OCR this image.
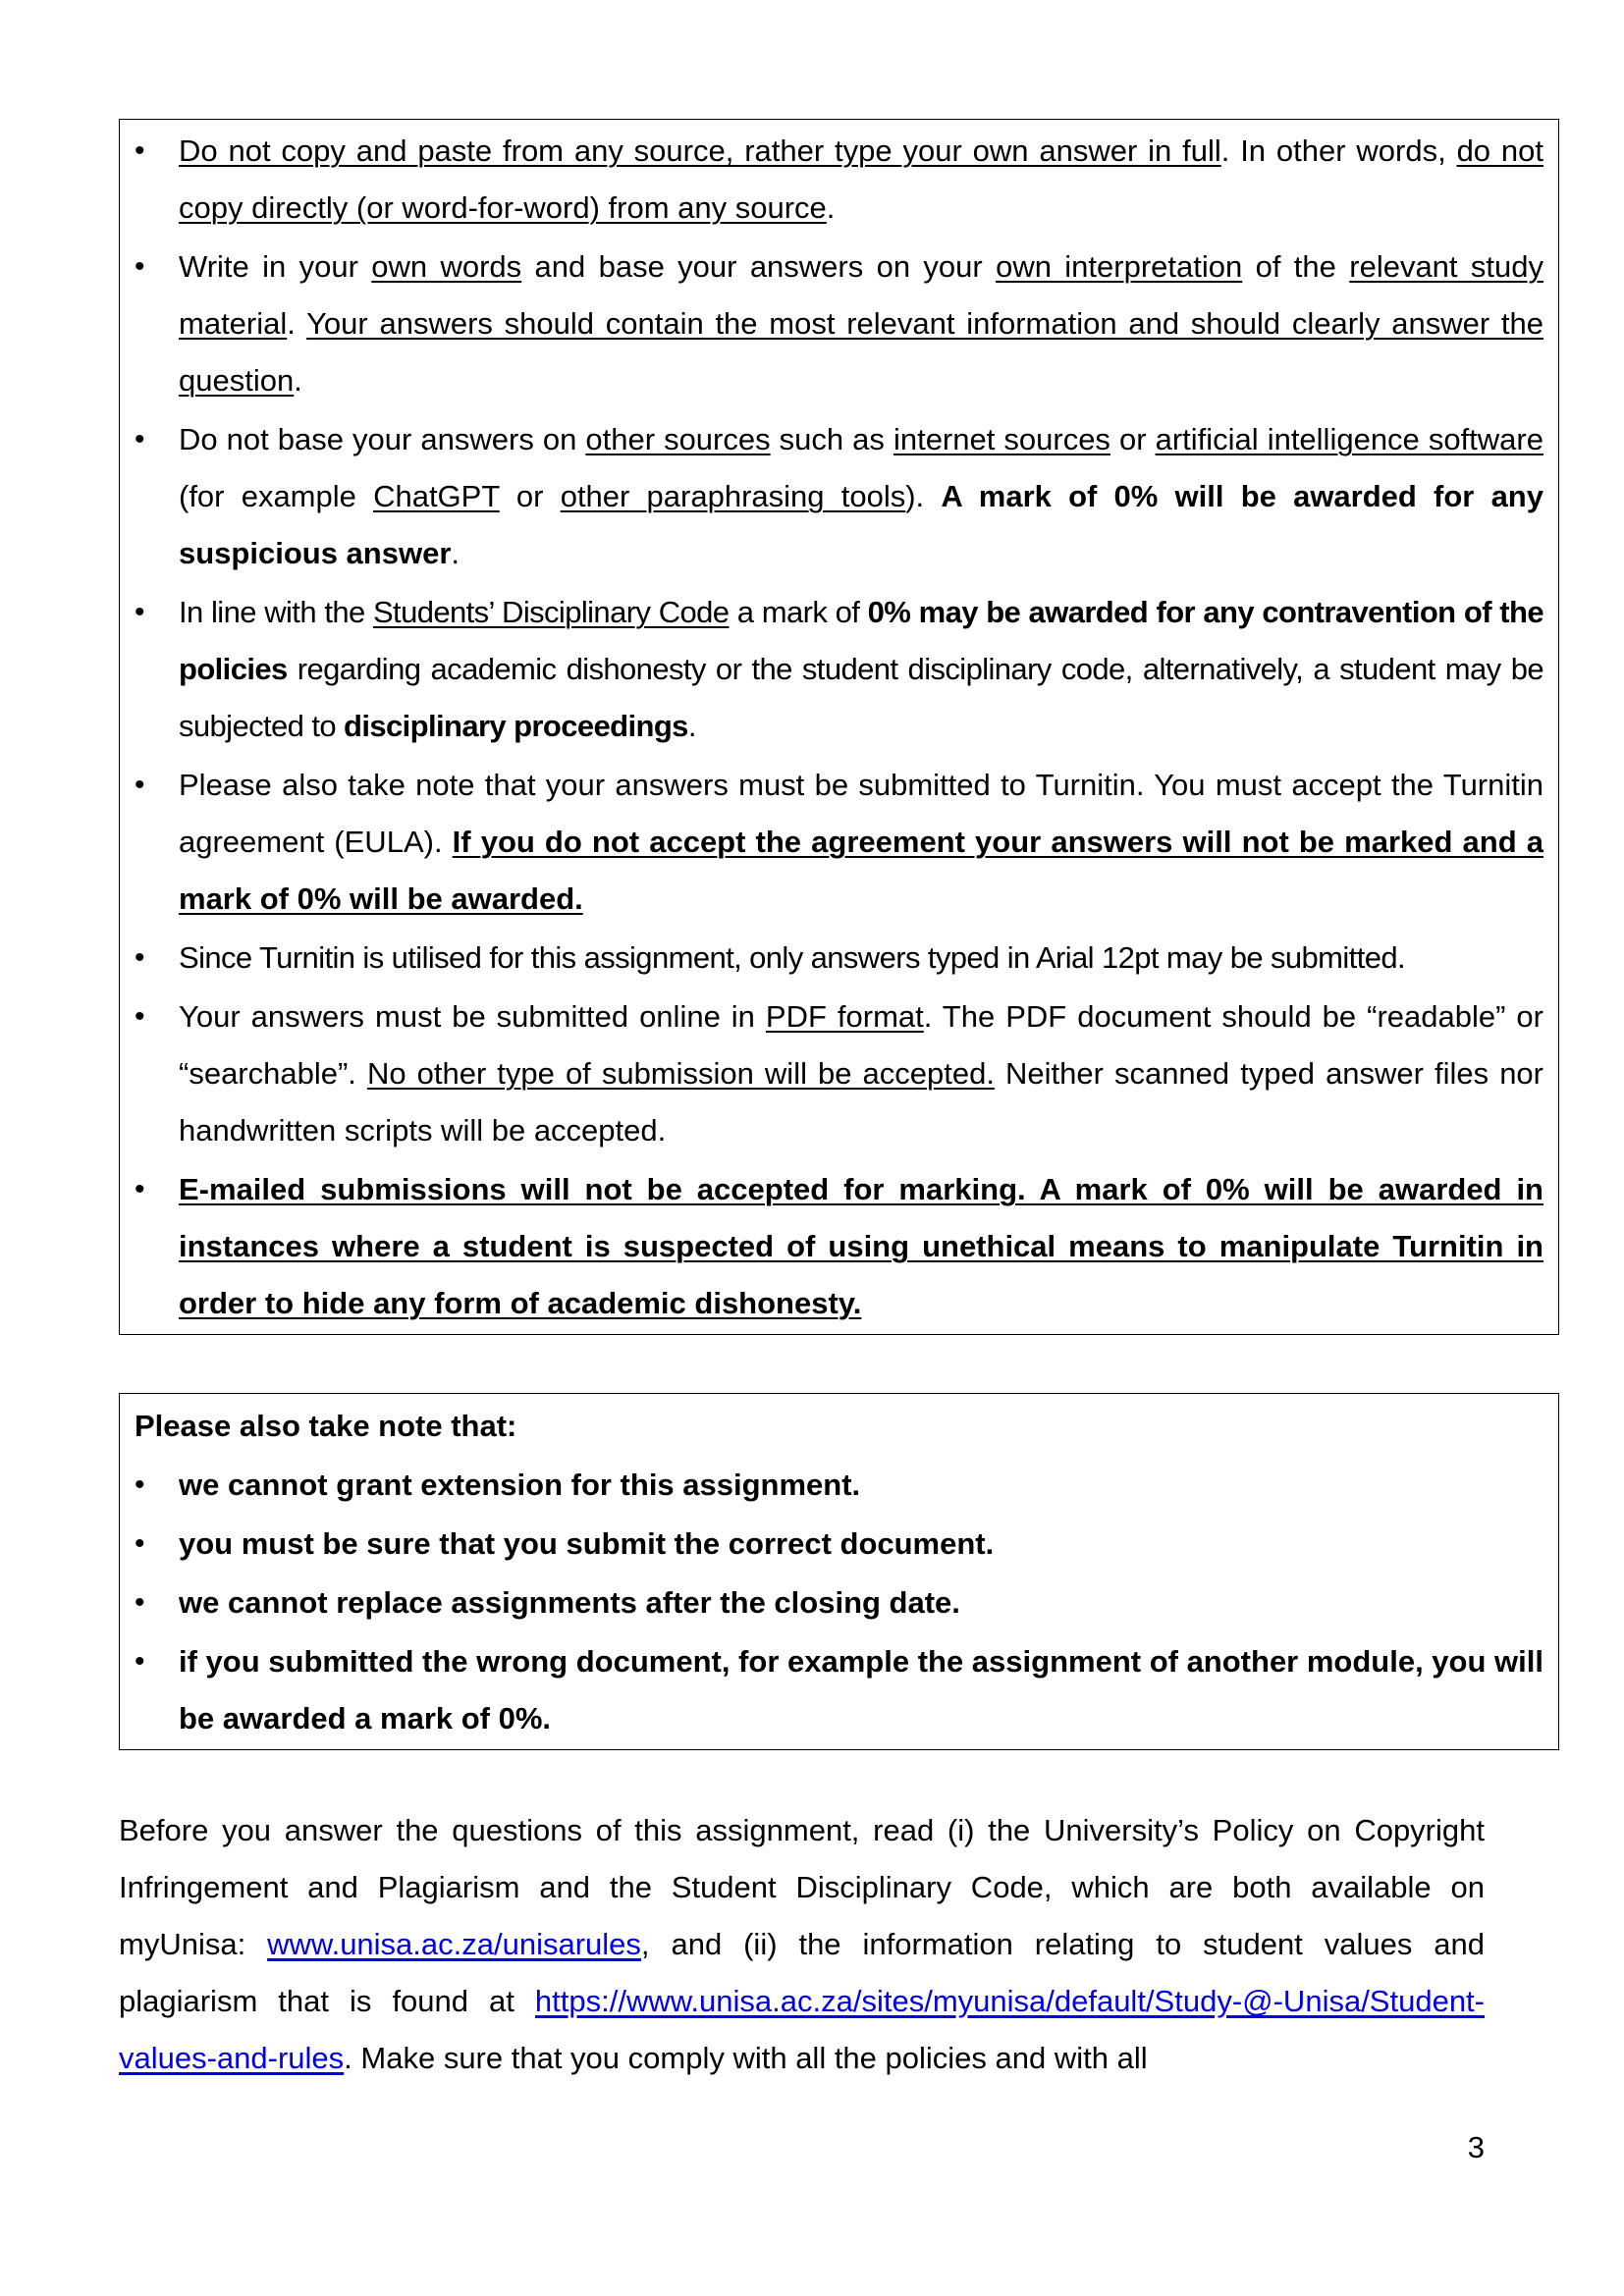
• Do not copy and paste from any source, rather type your own answer in full. In other words, do not copy directly (or word-for-word) from any source.
• Write in your own words and base your answers on your own interpretation of the relevant study material. Your answers should contain the most relevant information and should clearly answer the question.
• Do not base your answers on other sources such as internet sources or artificial intelligence software (for example ChatGPT or other paraphrasing tools). A mark of 0% will be awarded for any suspicious answer.
• In line with the Students’ Disciplinary Code a mark of 0% may be awarded for any contravention of the policies regarding academic dishonesty or the student disciplinary code, alternatively, a student may be subjected to disciplinary proceedings.
• Please also take note that your answers must be submitted to Turnitin. You must accept the Turnitin agreement (EULA). If you do not accept the agreement your answers will not be marked and a mark of 0% will be awarded.
• Since Turnitin is utilised for this assignment, only answers typed in Arial 12pt may be submitted.
• Your answers must be submitted online in PDF format. The PDF document should be “readable” or “searchable”. No other type of submission will be accepted. Neither scanned typed answer files nor handwritten scripts will be accepted.
• E-mailed submissions will not be accepted for marking. A mark of 0% will be awarded in instances where a student is suspected of using unethical means to manipulate Turnitin in order to hide any form of academic dishonesty.

Please also take note that:

• we cannot grant extension for this assignment.
• you must be sure that you submit the correct document.
• we cannot replace assignments after the closing date.
• if you submitted the wrong document, for example the assignment of another module, you will be awarded a mark of 0%.

Before you answer the questions of this assignment, read (i) the University’s Policy on Copyright Infringement and Plagiarism and the Student Disciplinary Code, which are both available on myUnisa: www.unisa.ac.za/unisarules, and (ii) the information relating to student values and plagiarism that is found at https://www.unisa.ac.za/sites/myunisa/default/Study-@-Unisa/Student-values-and-rules. Make sure that you comply with all the policies and with all

3
